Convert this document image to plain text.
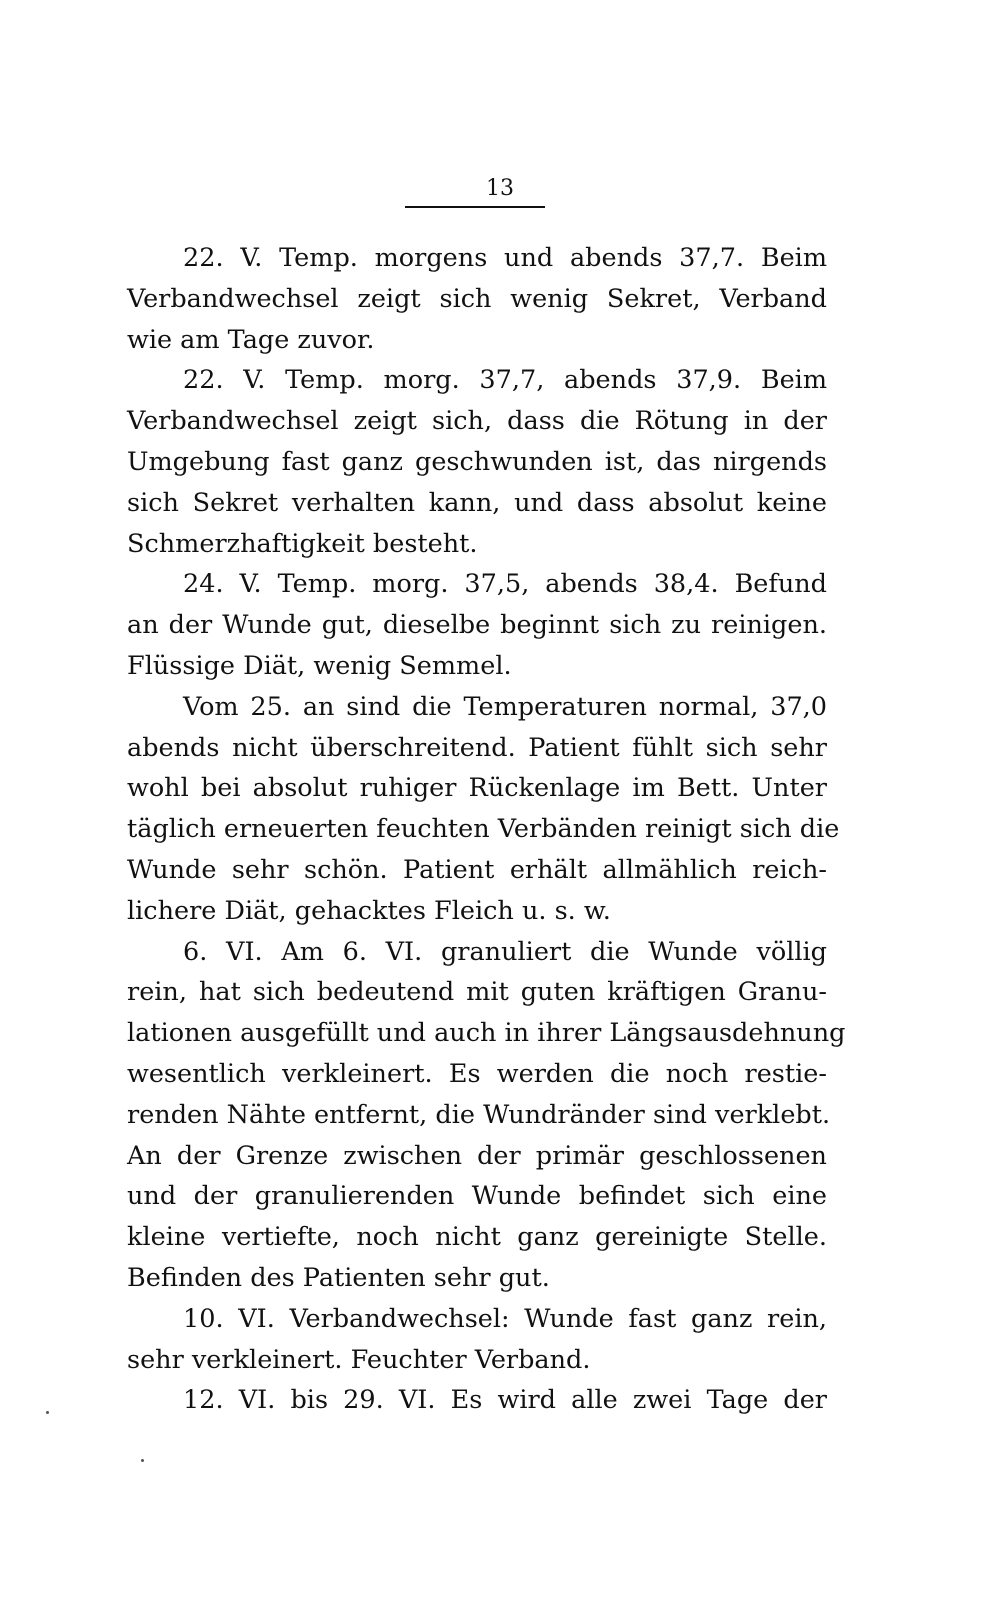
13
22. V. Temp. morgens und abends 37,7. Beim
Verbandwechsel zeigt sich wenig Sekret, Verband
wie am Tage zuvor.
22. V. Temp. morg. 37,7, abends 37,9. Beim
Verbandwechsel zeigt sich, dass die Rötung in der
Umgebung fast ganz geschwunden ist, das nirgends
sich Sekret verhalten kann, und dass absolut keine
Schmerzhaftigkeit besteht.
24. V. Temp. morg. 37,5, abends 38,4. Befund
an der Wunde gut, dieselbe beginnt sich zu reinigen.
Flüssige Diät, wenig Semmel.
Vom 25. an sind die Temperaturen normal, 37,0
abends nicht überschreitend. Patient fühlt sich sehr
wohl bei absolut ruhiger Rückenlage im Bett. Unter
täglich erneuerten feuchten Verbänden reinigt sich die
Wunde sehr schön. Patient erhält allmählich reich-
lichere Diät, gehacktes Fleich u. s. w.
6. VI. Am 6. VI. granuliert die Wunde völlig
rein, hat sich bedeutend mit guten kräftigen Granu-
lationen ausgefüllt und auch in ihrer Längsausdehnung
wesentlich verkleinert. Es werden die noch restie-
renden Nähte entfernt, die Wundränder sind verklebt.
An der Grenze zwischen der primär geschlossenen
und der granulierenden Wunde befindet sich eine
kleine vertiefte, noch nicht ganz gereinigte Stelle.
Befinden des Patienten sehr gut.
10. VI. Verbandwechsel: Wunde fast ganz rein,
sehr verkleinert. Feuchter Verband.
12. VI. bis 29. VI. Es wird alle zwei Tage der
